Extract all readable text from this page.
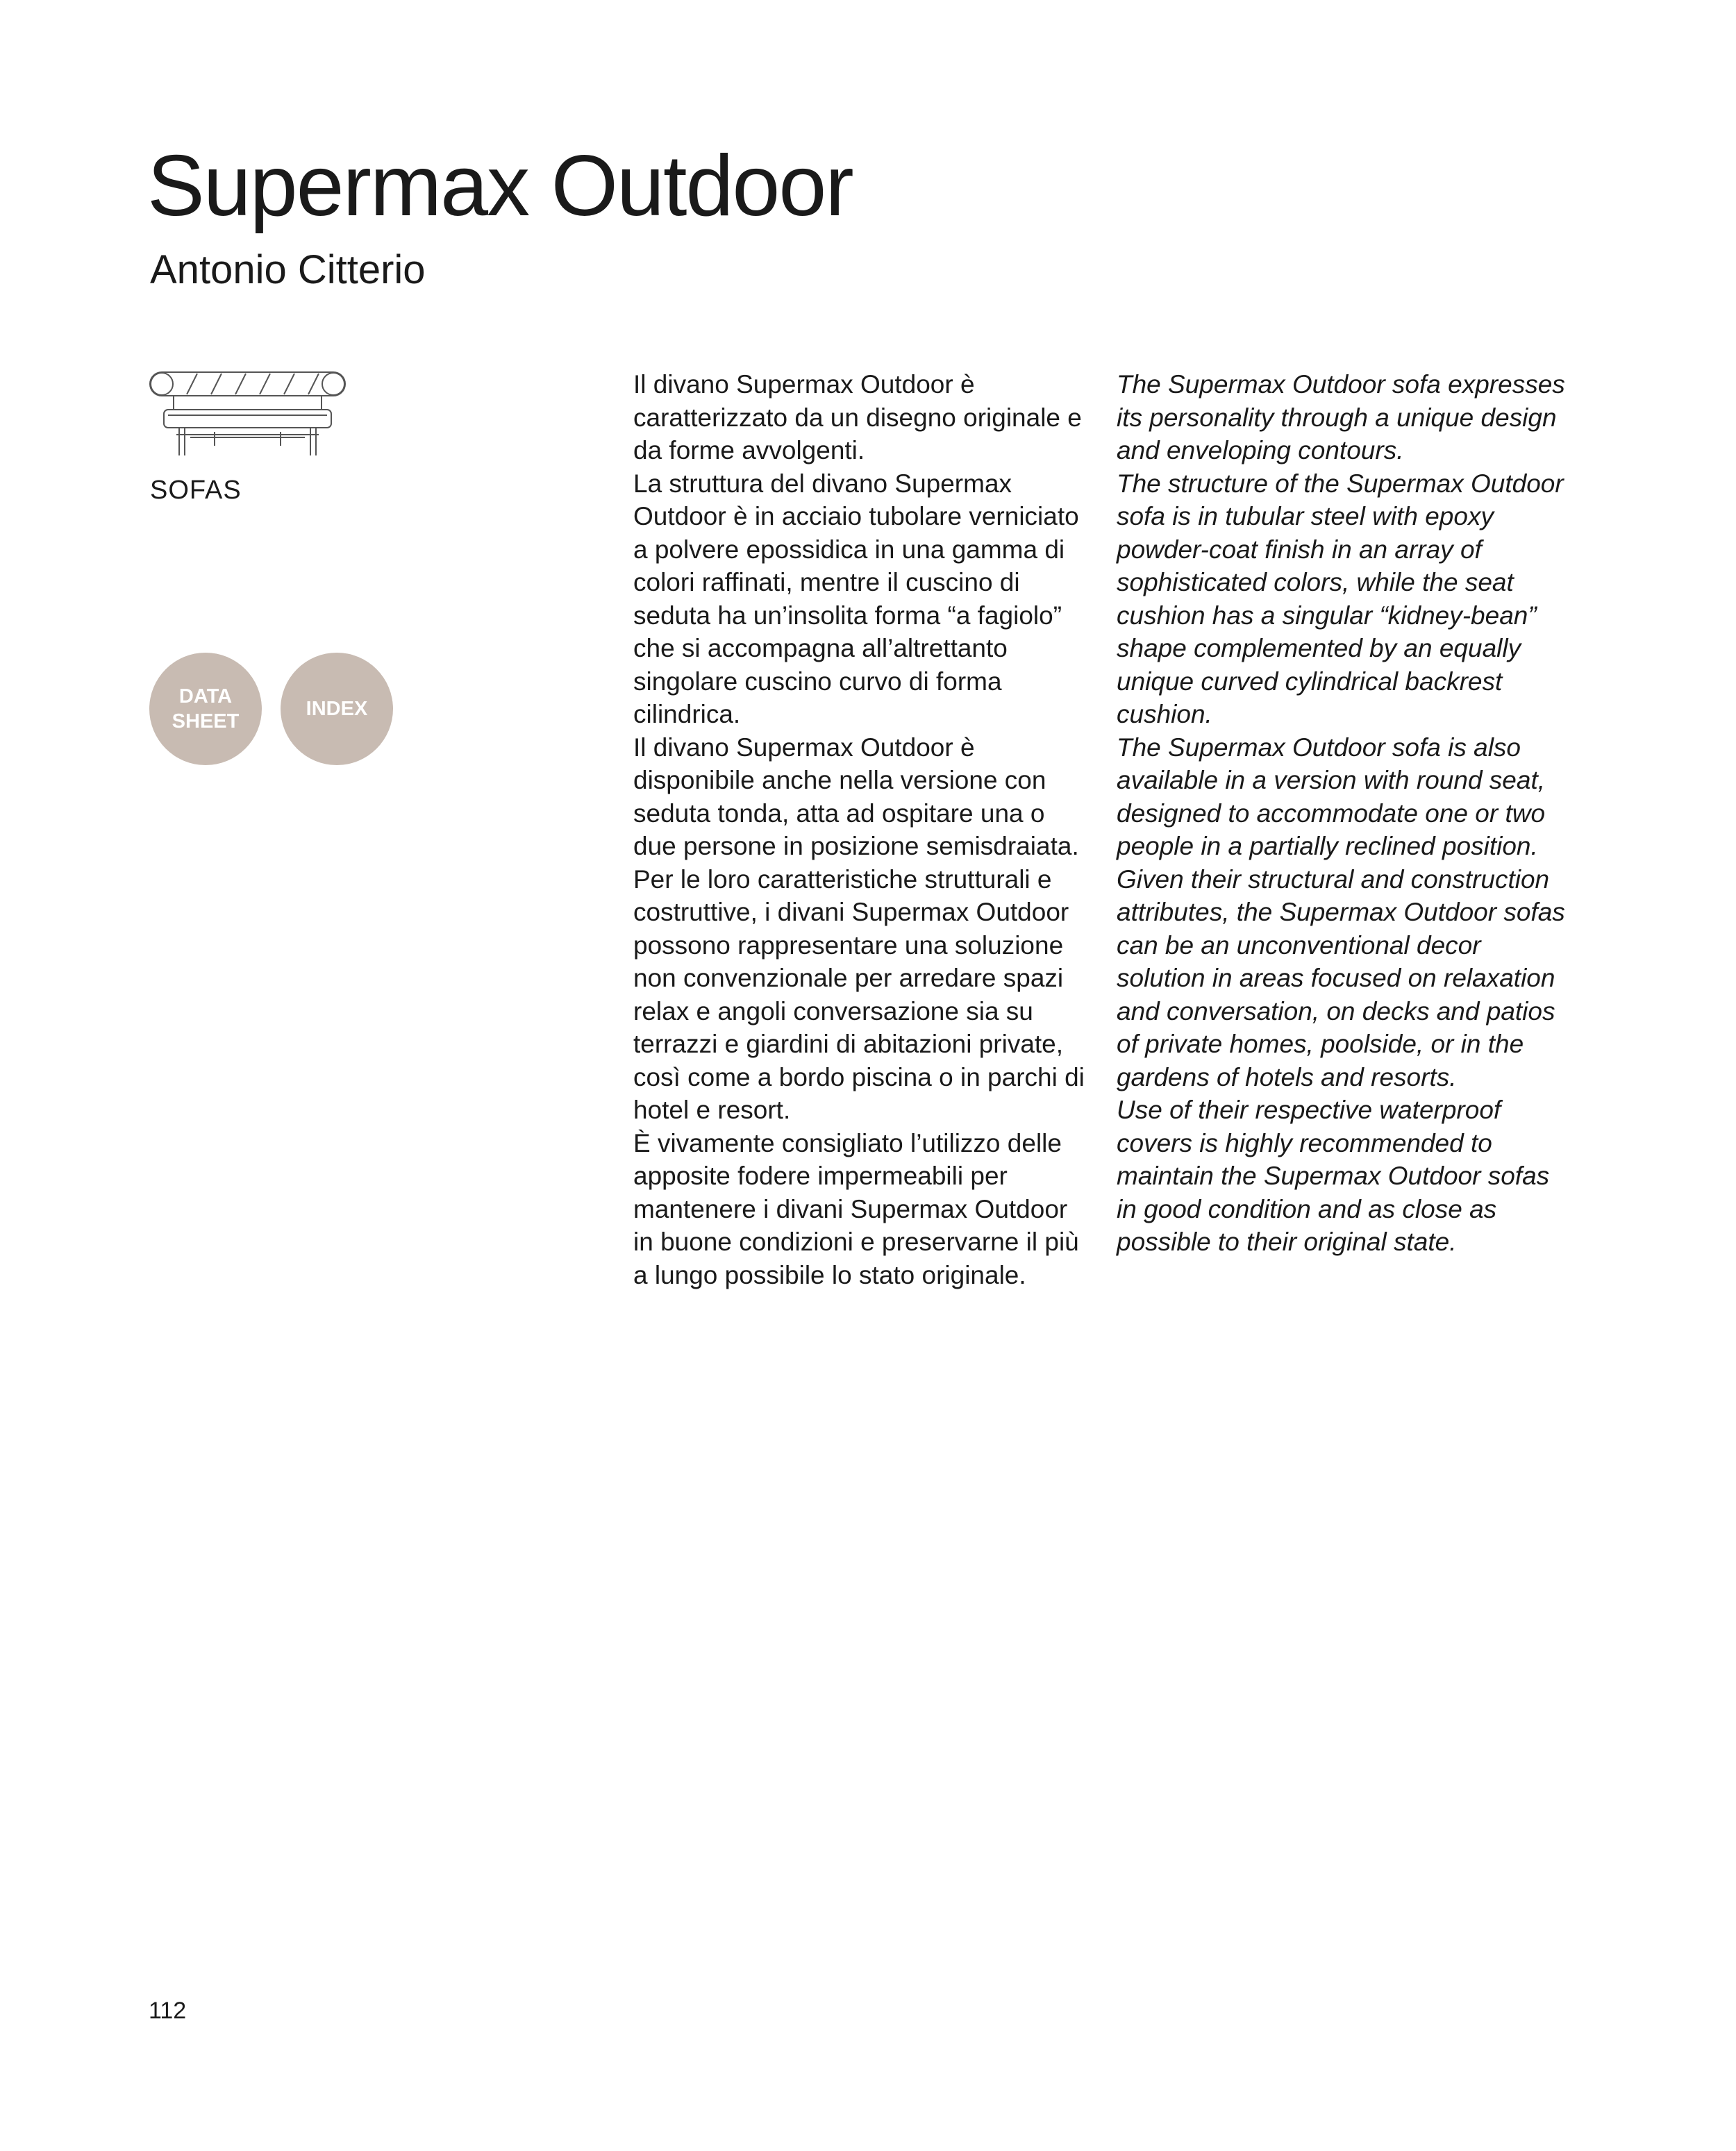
Supermax Outdoor
Antonio Citterio
SOFAS
DATA SHEET
INDEX

Il divano Supermax Outdoor è caratterizzato da un disegno originale e da forme avvolgenti.

La struttura del divano Supermax Outdoor è in acciaio tubolare verniciato a polvere epossidica in una gamma di colori raffinati, mentre il cuscino di seduta ha un’insolita forma “a fagiolo” che si accompagna all’altrettanto singolare cuscino curvo di forma cilindrica.

Il divano Supermax Outdoor è disponibile anche nella versione con seduta tonda, atta ad ospitare una o due persone in posizione semisdraiata.

Per le loro caratteristiche strutturali e costruttive, i divani Supermax Outdoor possono rappresentare una soluzione non convenzionale per arredare spazi relax e angoli conversazione sia su terrazzi e giardini di abitazioni private, così come a bordo piscina o in parchi di hotel e resort.

È vivamente consigliato l’utilizzo delle apposite fodere impermeabili per mantenere i divani Supermax Outdoor in buone condizioni e preservarne il più a lungo possibile lo stato originale.

The Supermax Outdoor sofa expresses its personality through a unique design and enveloping contours.

The structure of the Supermax Outdoor sofa is in tubular steel with epoxy powder-coat finish in an array of sophisticated colors, while the seat cushion has a singular “kidney-bean” shape complemented by an equally unique curved cylindrical backrest cushion.

The Supermax Outdoor sofa is also available in a version with round seat, designed to accommodate one or two people in a partially reclined position.

Given their structural and construction attributes, the Supermax Outdoor sofas can be an unconventional decor solution in areas focused on relaxation and conversation, on decks and patios of private homes, poolside, or in the gardens of hotels and resorts.

Use of their respective waterproof covers is highly recommended to maintain the Supermax Outdoor sofas in good condition and as close as possible to their original state.

112
